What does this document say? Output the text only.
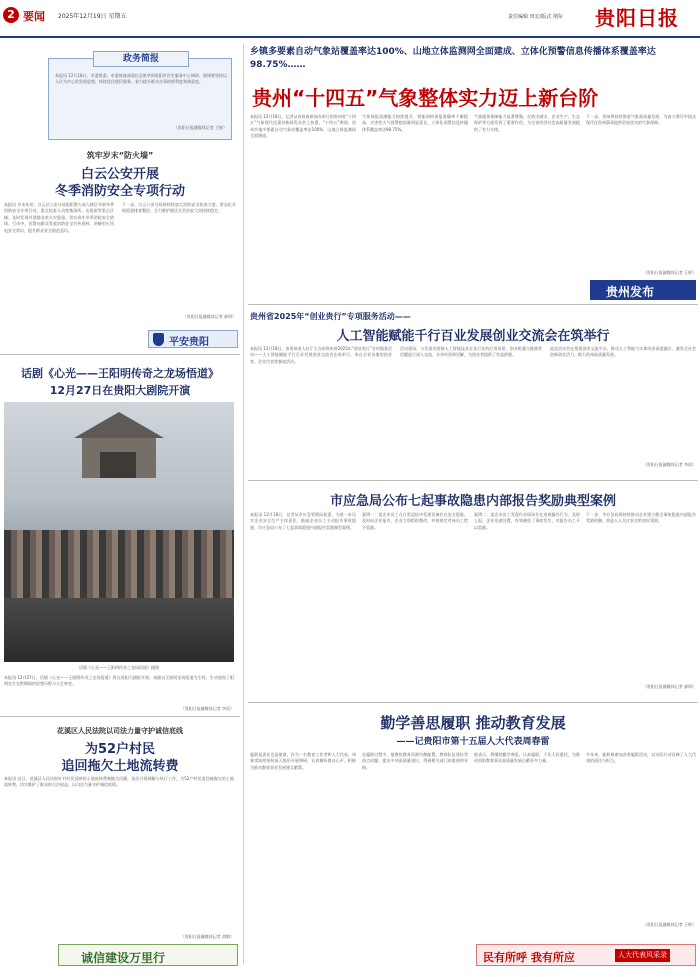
2 要闻 2025年12月19日 星期五	责任编辑 田宏/版式 荆东 贵阳日报
政务简报
本报讯 12月18日，市委常委、市委统战部部长吴胜华到贵阳市民生服务中心调研，强调要坚持以人民为中心的发展思想，持续优化便民服务，着力提升群众办事的便利度和满意度。
（贵阳日报融媒体记者 王婷）
筑牢岁末“防火墙”
白云公安开展
冬季消防安全专项行动
本报讯 岁末年初，白云区公安分局组织警力深入辖区开展冬季消防安全专项行动，重点检查人员密集场所、出租屋等重点区域，及时发现并消除各类火灾隐患，切实筑牢冬季消防安全防线。行动中，民警向群众发放消防安全宣传资料，讲解用火用电安全常识，提升群众安全防范意识。
下一步，白云公安分局将持续加大消防安全检查力度，常态化开展隐患排查整治，全力维护辖区社会治安大局持续稳定。
（贵阳日报融媒体记者 郝琪）
平安贵阳
话剧《心光——王阳明传奇之龙场悟道》
12月27日在贵阳大剧院开演
话剧《心光——王阳明传奇之龙场悟道》剧照
本报讯 12月27日，话剧《心光——王阳明传奇之龙场悟道》将在贵阳大剧院开演。该剧以王阳明龙场悟道为主线，生动展现了阳明先生在黔期间的思想历程与人生转变。
（贵阳日报融媒体记者 李雨）
花溪区人民法院以司法力量守护诚信底线
为52户村民
追回拖欠土地流转费
本报讯 近日，花溪区人民法院针对村民反映的土地流转费被拖欠问题，依法开展调解与执行工作，为52户村民追回被拖欠的土地流转费，切实维护了群众的合法权益，以司法力量守护诚信底线。
（贵阳日报融媒体记者 胡敏）
诚信建设万里行
乡镇多要素自动气象站覆盖率达100%、山地立体监测网全面建成、立体化预警信息传播体系覆盖率达98.75%……
贵州“十四五”气象整体实力迈上新台阶
本报讯 12月18日，记者从省政府新闻办举行的贵州省“十四五”气象现代化建设新闻发布会上获悉，“十四五”期间，贵州乡镇多要素自动气象站覆盖率达100%，山地立体监测网全面建成。
气象预报预测能力持续提升，智能网格预报准确率不断提高，灾害性天气预警提前量明显延长，立体化预警信息传播体系覆盖率达98.75%。
气象服务保障能力显著增强，在防灾减灾、农业生产、生态保护等方面发挥了重要作用，为全省经济社会高质量发展提供了有力支撑。
下一步，贵州将持续推进气象高质量发展，为奋力谱写中国式现代化贵州篇章提供更加坚实的气象保障。
（贵阳日报融媒体记者 王婷）
贵州发布
贵州省2025年“创业贵行”专项服务活动——
人工智能赋能千行百业发展创业交流会在筑举行
本报讯 12月18日，由贵州省人社厅主办的贵州省2025年“创业贵行”专项服务活动——人工智能赋能千行百业发展创业交流会在筑举行，来自全省各地的创业者、企业代表等参加活动。
活动现场，与会嘉宾围绕人工智能技术在各行业的应用场景、创业机遇与挑战等话题进行深入交流，分享经验和见解，为创业者提供了有益借鉴。
此次活动旨在搭建创业交流平台，推动人工智能与实体经济深度融合，激发全社会创新创业活力，助力贵州高质量发展。
（贵阳日报融媒体记者 李雨）
市应急局公布七起事故隐患内部报告奖励典型案例
本报讯 12月18日，记者从市应急管理局获悉，为进一步压实企业安全生产主体责任，鼓励企业员工主动报告事故隐患，市应急局公布了七起事故隐患内部报告奖励典型案例。
案例一：某企业员工在日常巡检中发现设备存在安全隐患，及时向企业报告，企业立即组织整改，并按规定对该员工给予奖励。
案例二：某企业员工发现作业现场存在违规操作行为，及时上报，企业迅速处置，有效避免了事故发生，对报告员工予以奖励。
下一步，市应急局将持续推动企业建立健全事故隐患内部报告奖励机制，营造人人关注安全的良好氛围。
（贵阳日报融媒体记者 郝琪）
勤学善思履职 推动教育发展
——记贵阳市第十五届人大代表周春雷
履职是责任也是使命。作为一名教育工作者和人大代表，周春雷始终坚持深入基层开展调研，认真倾听群众心声，积极为推动教育事业发展建言献策。
在履职过程中，他聚焦教育资源均衡配置、教师队伍建设等热点问题，提出多项高质量建议，得到相关部门的重视和采纳。
他表示，将继续勤学善思、认真履职，不负人民重托，为推动贵阳教育事业高质量发展贡献更多力量。
多年来，他积极参加各类履职活动，以实际行动诠释了人大代表的责任与担当。
（贵阳日报融媒体记者 王婷）
民有所呼 我有所应	人大代表风采录
